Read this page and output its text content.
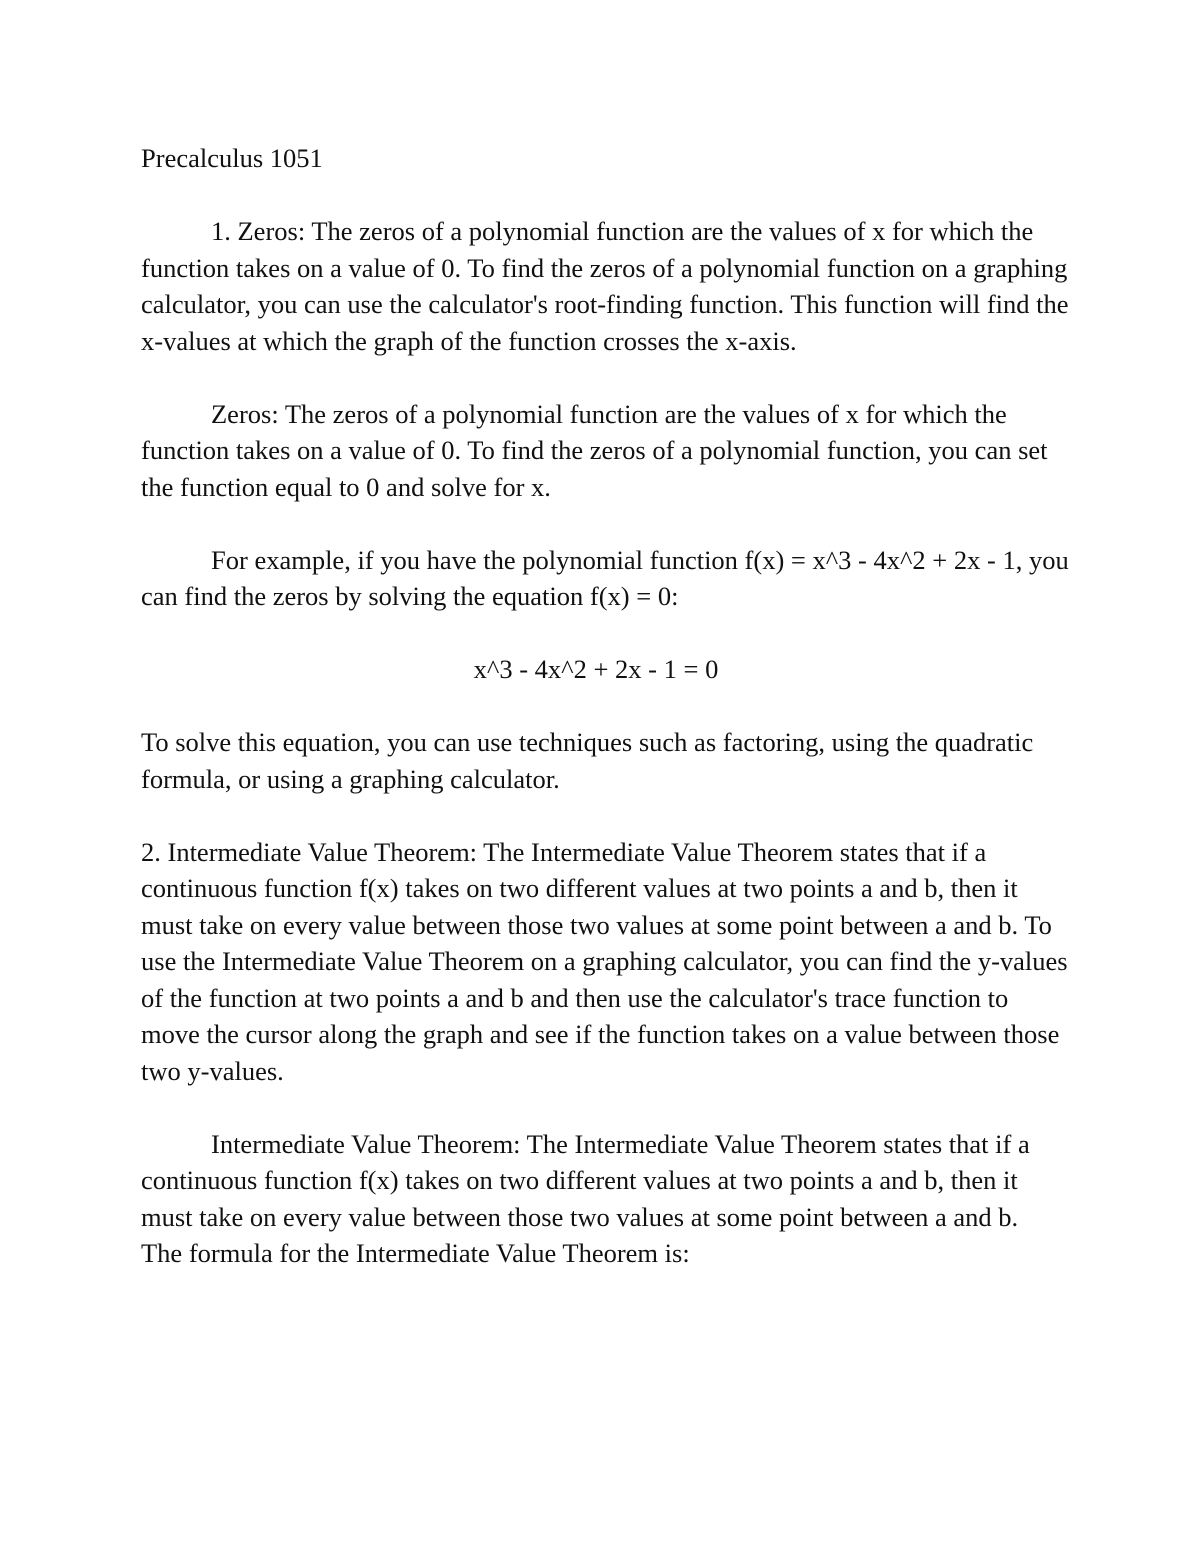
Precalculus 1051

1. Zeros: The zeros of a polynomial function are the values of x for which the function takes on a value of 0. To find the zeros of a polynomial function on a graphing calculator, you can use the calculator's root-finding function. This function will find the x-values at which the graph of the function crosses the x-axis.

Zeros: The zeros of a polynomial function are the values of x for which the function takes on a value of 0. To find the zeros of a polynomial function, you can set the function equal to 0 and solve for x.

For example, if you have the polynomial function f(x) = x^3 - 4x^2 + 2x - 1, you can find the zeros by solving the equation f(x) = 0:

x^3 - 4x^2 + 2x - 1 = 0

To solve this equation, you can use techniques such as factoring, using the quadratic formula, or using a graphing calculator.

2. Intermediate Value Theorem: The Intermediate Value Theorem states that if a continuous function f(x) takes on two different values at two points a and b, then it must take on every value between those two values at some point between a and b. To use the Intermediate Value Theorem on a graphing calculator, you can find the y-values of the function at two points a and b and then use the calculator's trace function to move the cursor along the graph and see if the function takes on a value between those two y-values.

Intermediate Value Theorem: The Intermediate Value Theorem states that if a continuous function f(x) takes on two different values at two points a and b, then it must take on every value between those two values at some point between a and b.

The formula for the Intermediate Value Theorem is:
